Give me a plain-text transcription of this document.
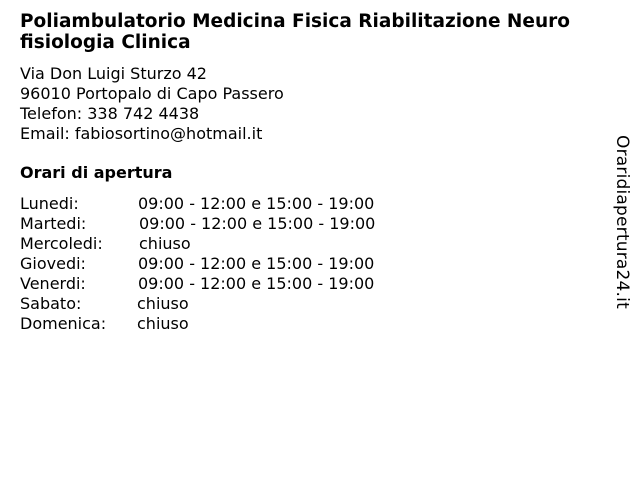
Poliambulatorio Medicina Fisica Riabilitazione Neuro fisiologia Clinica
Via Don Luigi Sturzo 42
96010 Portopalo di Capo Passero
Telefon: 338 742 4438
Email: fabiosortino@hotmail.it
Orari di apertura
Lunedi:	09:00 - 12:00 e 15:00 - 19:00
Martedi:	09:00 - 12:00 e 15:00 - 19:00
Mercoledi: chiuso
Giovedi:	09:00 - 12:00 e 15:00 - 19:00
Venerdi:	09:00 - 12:00 e 15:00 - 19:00
Sabato:	chiuso
Domenica: chiuso
Oraridiapertura24.it
